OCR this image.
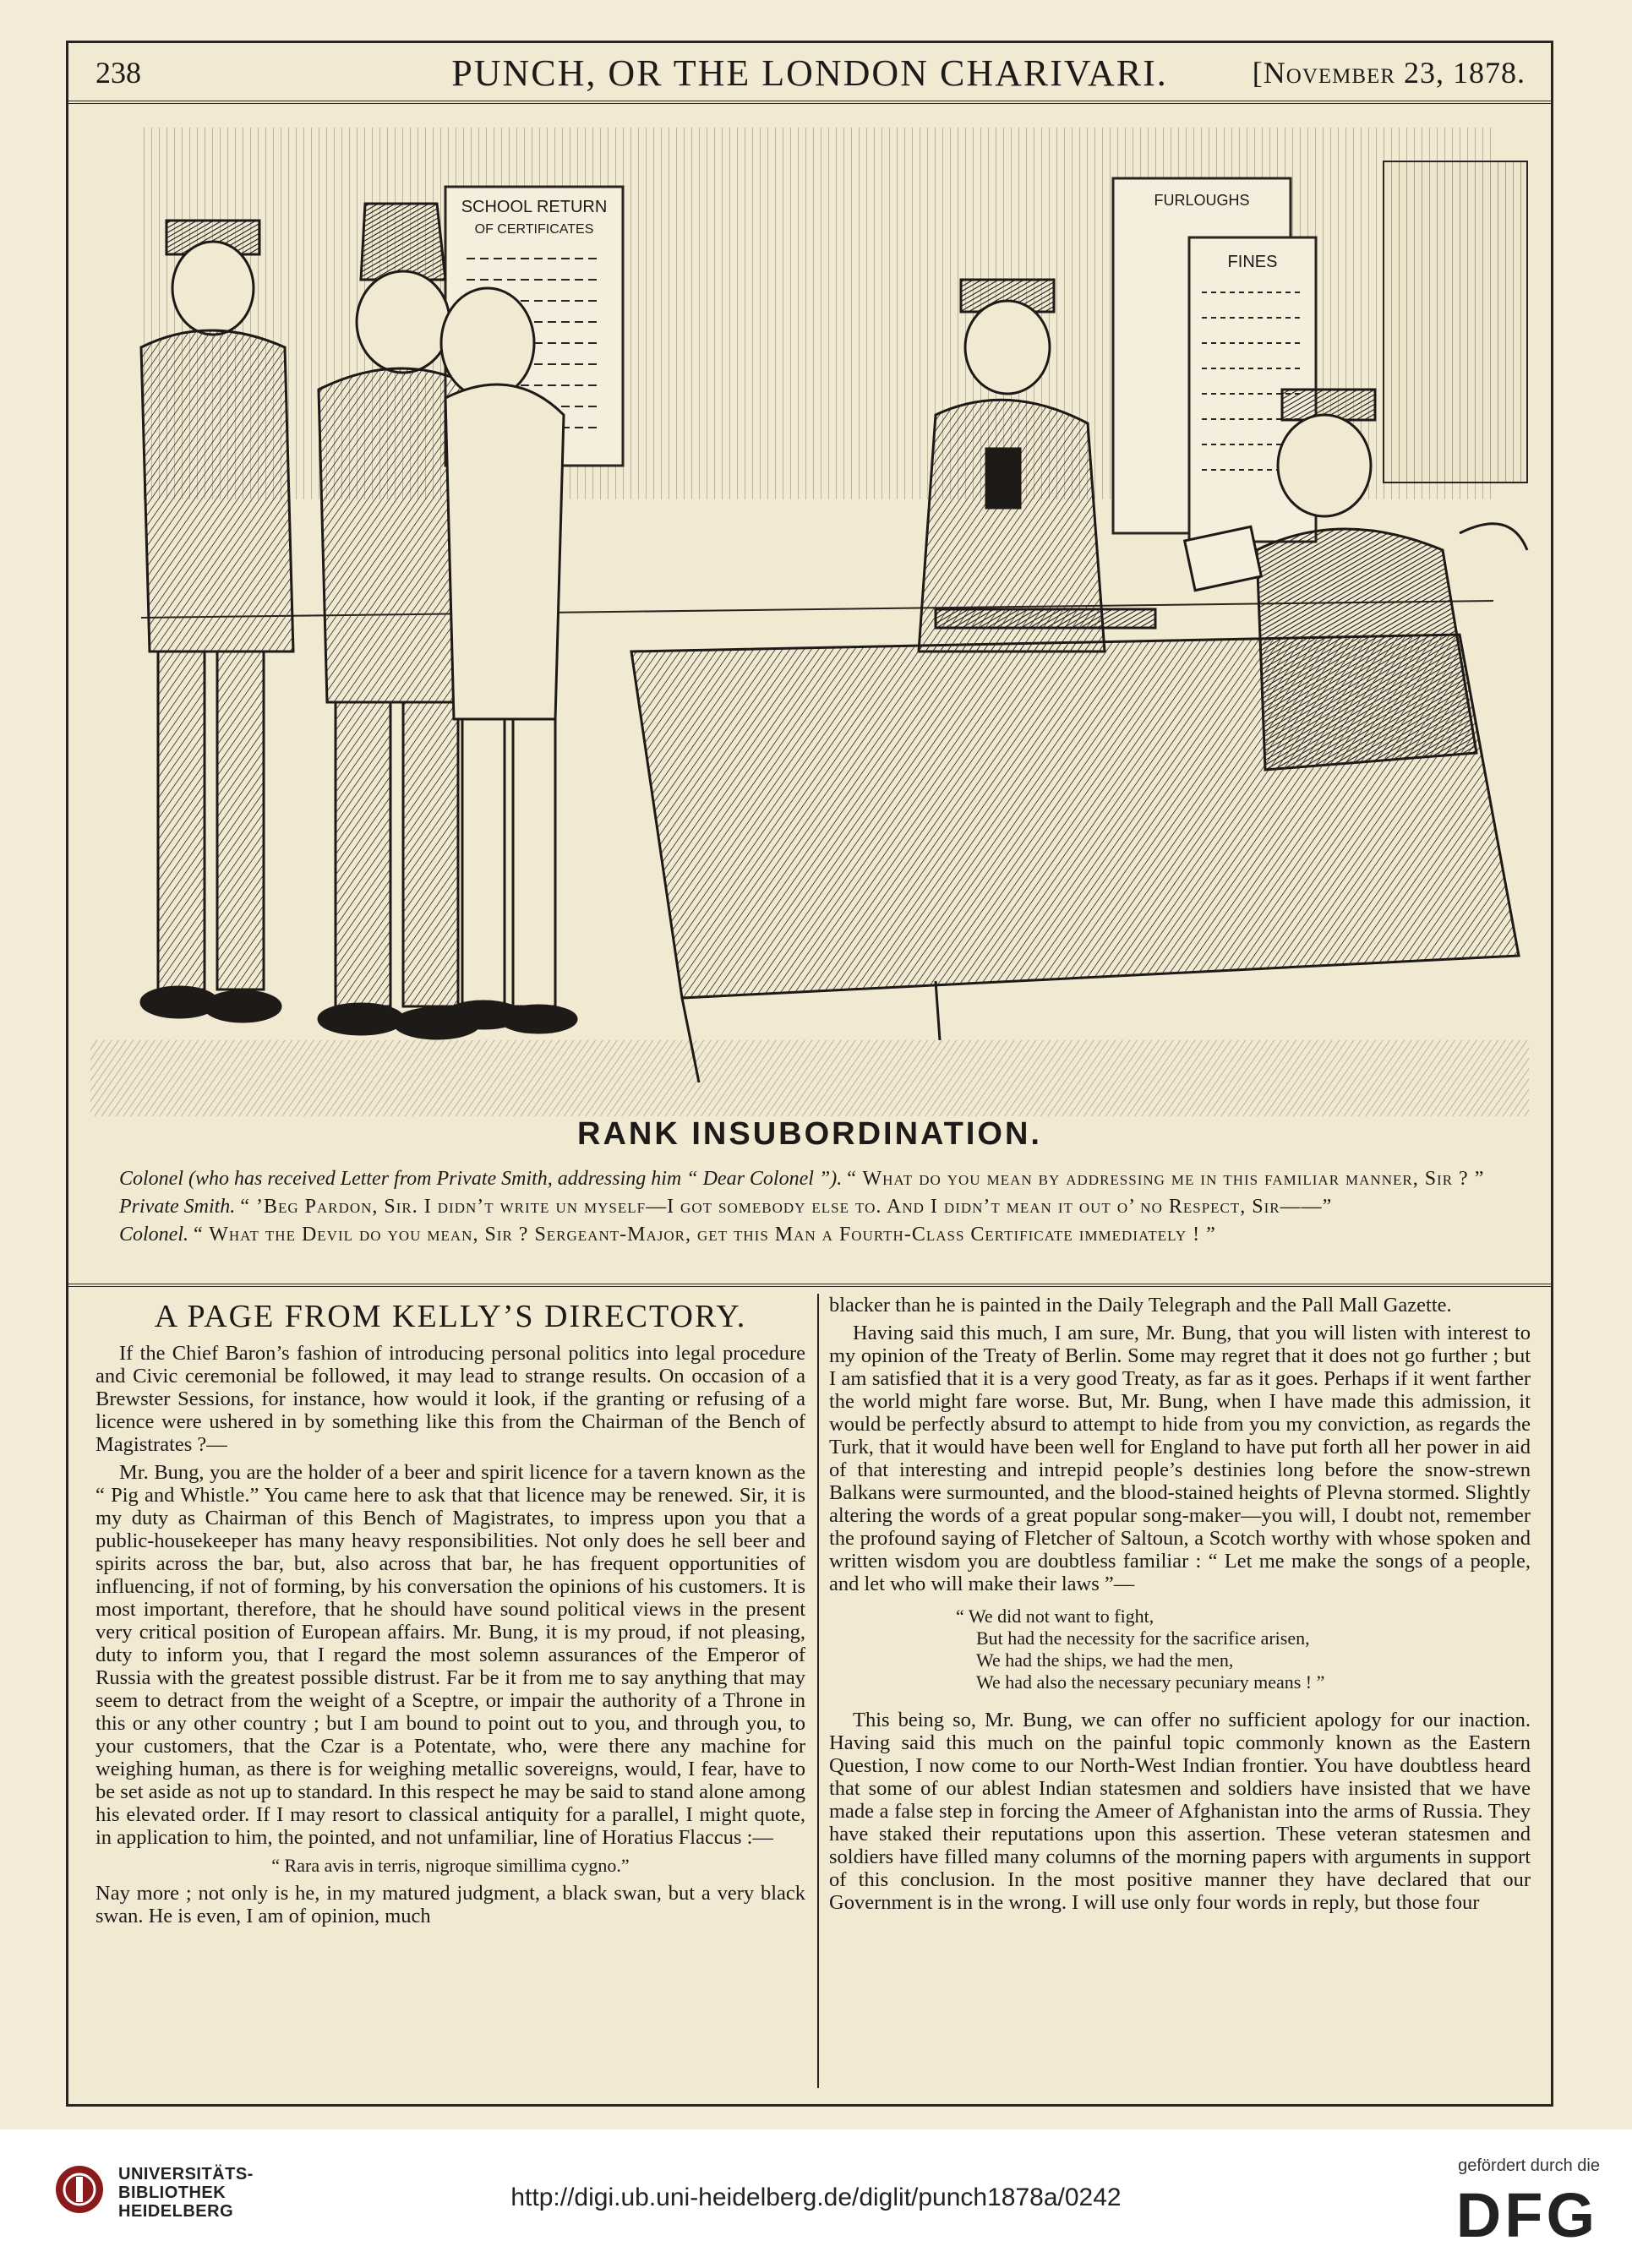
238	PUNCH, OR THE LONDON CHARIVARI.	[November 23, 1878.
SCHOOL RETURN
OF CERTIFICATES
FURLOUGHS
FINES
RANK INSUBORDINATION.

Colonel (who has received Letter from Private Smith, addressing him “ Dear Colonel ”). “ What do you mean by addressing me in this familiar manner, Sir ? ”

Private Smith. “ ’Beg Pardon, Sir. I didn’t write un myself—I got somebody else to. And I didn’t mean it out o’ no Respect, Sir——”

Colonel. “ What the Devil do you mean, Sir ? Sergeant-Major, get this Man a Fourth-Class Certificate immediately ! ”

A PAGE FROM KELLY’S DIRECTORY.

If the Chief Baron’s fashion of introducing personal politics into legal procedure and Civic ceremonial be followed, it may lead to strange results. On occasion of a Brewster Sessions, for instance, how would it look, if the granting or refusing of a licence were ushered in by something like this from the Chairman of the Bench of Magistrates ?—

Mr. Bung, you are the holder of a beer and spirit licence for a tavern known as the “ Pig and Whistle.” You came here to ask that that licence may be renewed. Sir, it is my duty as Chairman of this Bench of Magistrates, to impress upon you that a public-housekeeper has many heavy responsibilities. Not only does he sell beer and spirits across the bar, but, also across that bar, he has frequent opportunities of influencing, if not of forming, by his conversation the opinions of his customers. It is most important, therefore, that he should have sound political views in the present very critical position of European affairs. Mr. Bung, it is my proud, if not pleasing, duty to inform you, that I regard the most solemn assurances of the Emperor of Russia with the greatest possible distrust. Far be it from me to say anything that may seem to detract from the weight of a Sceptre, or impair the authority of a Throne in this or any other country ; but I am bound to point out to you, and through you, to your customers, that the Czar is a Potentate, who, were there any machine for weighing human, as there is for weighing metallic sovereigns, would, I fear, have to be set aside as not up to standard. In this respect he may be said to stand alone among his elevated order. If I may resort to classical antiquity for a parallel, I might quote, in application to him, the pointed, and not unfamiliar, line of Horatius Flaccus :—

“ Rara avis in terris, nigroque simillima cygno.”

Nay more ; not only is he, in my matured judgment, a black swan, but a very black swan. He is even, I am of opinion, much

blacker than he is painted in the Daily Telegraph and the Pall Mall Gazette.

Having said this much, I am sure, Mr. Bung, that you will listen with interest to my opinion of the Treaty of Berlin. Some may regret that it does not go further ; but I am satisfied that it is a very good Treaty, as far as it goes. Perhaps if it went farther the world might fare worse. But, Mr. Bung, when I have made this admission, it would be perfectly absurd to attempt to hide from you my conviction, as regards the Turk, that it would have been well for England to have put forth all her power in aid of that interesting and intrepid people’s destinies long before the snow-strewn Balkans were surmounted, and the blood-stained heights of Plevna stormed. Slightly altering the words of a great popular song-maker—you will, I doubt not, remember the profound saying of Fletcher of Saltoun, a Scotch worthy with whose spoken and written wisdom you are doubtless familiar : “ Let me make the songs of a people, and let who will make their laws ”—

“ We did not want to fight,
But had the necessity for the sacrifice arisen,
We had the ships, we had the men,
We had also the necessary pecuniary means ! ”

This being so, Mr. Bung, we can offer no sufficient apology for our inaction. Having said this much on the painful topic commonly known as the Eastern Question, I now come to our North-West Indian frontier. You have doubtless heard that some of our ablest Indian statesmen and soldiers have insisted that we have made a false step in forcing the Ameer of Afghanistan into the arms of Russia. They have staked their reputations upon this assertion. These veteran statesmen and soldiers have filled many columns of the morning papers with arguments in support of this conclusion. In the most positive manner they have declared that our Government is in the wrong. I will use only four words in reply, but those four

UNIVERSITÄTS-
BIBLIOTHEK
HEIDELBERG	http://digi.ub.uni-heidelberg.de/diglit/punch1878a/0242
gefördert durch die
DFG
